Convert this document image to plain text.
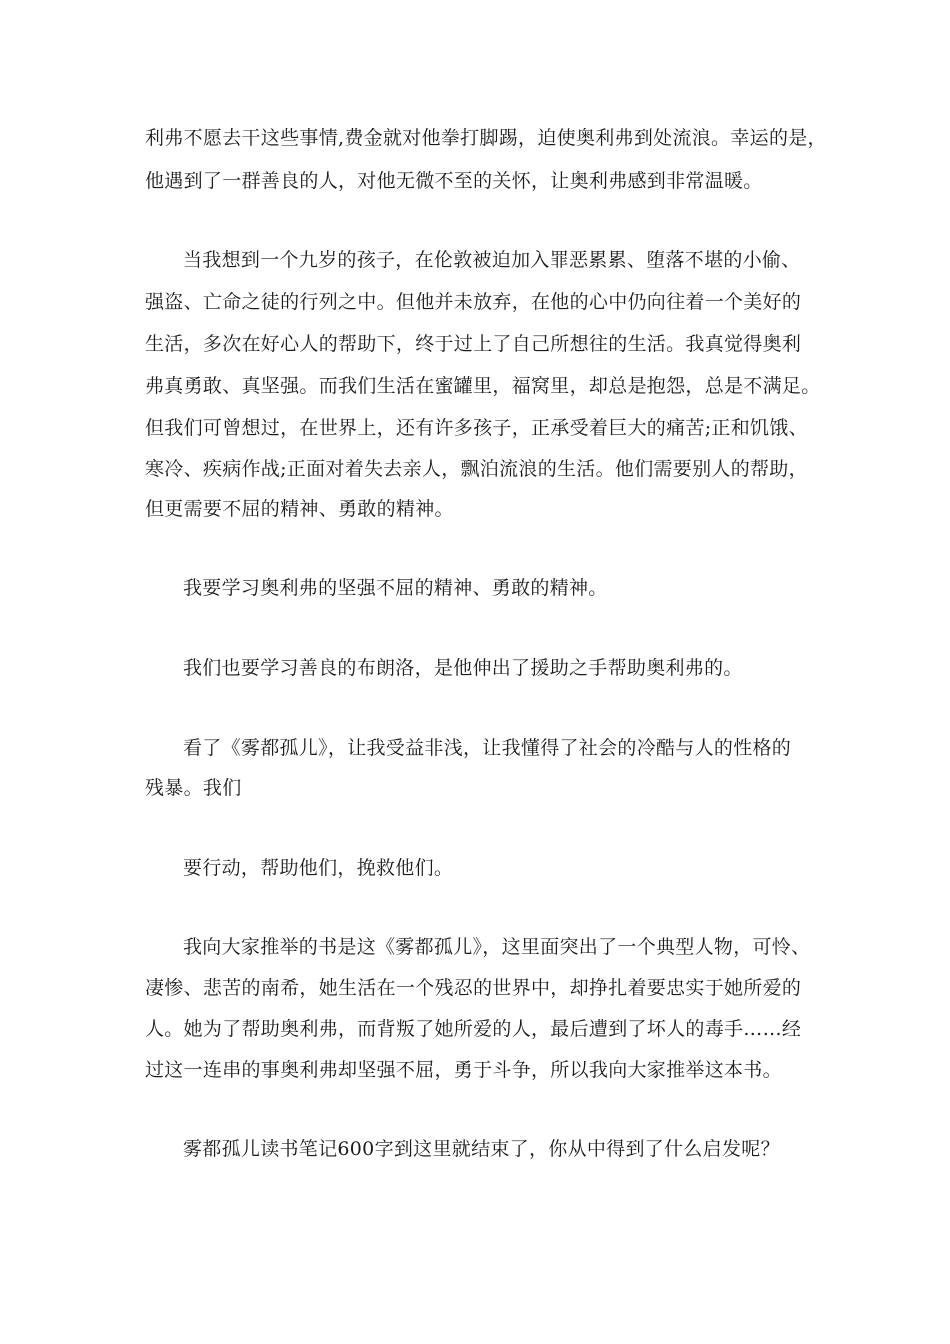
利弗不愿去干这些事情,费金就对他拳打脚踢，迫使奥利弗到处流浪。幸运的是，
他遇到了一群善良的人，对他无微不至的关怀，让奥利弗感到非常温暖。
当我想到一个九岁的孩子，在伦敦被迫加入罪恶累累、堕落不堪的小偷、
强盗、亡命之徒的行列之中。但他并未放弃，在他的心中仍向往着一个美好的
生活，多次在好心人的帮助下，终于过上了自己所想往的生活。我真觉得奥利
弗真勇敢、真坚强。而我们生活在蜜罐里，福窝里，却总是抱怨，总是不满足。
但我们可曾想过，在世界上，还有许多孩子，正承受着巨大的痛苦;正和饥饿、
寒冷、疾病作战;正面对着失去亲人，飘泊流浪的生活。他们需要别人的帮助，
但更需要不屈的精神、勇敢的精神。
我要学习奥利弗的坚强不屈的精神、勇敢的精神。
我们也要学习善良的布朗洛，是他伸出了援助之手帮助奥利弗的。
看了《雾都孤儿》，让我受益非浅，让我懂得了社会的冷酷与人的性格的
残暴。我们
要行动，帮助他们，挽救他们。
我向大家推举的书是这《雾都孤儿》，这里面突出了一个典型人物，可怜、
凄惨、悲苦的南希，她生活在一个残忍的世界中，却挣扎着要忠实于她所爱的
人。她为了帮助奥利弗，而背叛了她所爱的人，最后遭到了坏人的毒手……经
过这一连串的事奥利弗却坚强不屈，勇于斗争，所以我向大家推举这本书。
雾都孤儿读书笔记600字到这里就结束了，你从中得到了什么启发呢？
